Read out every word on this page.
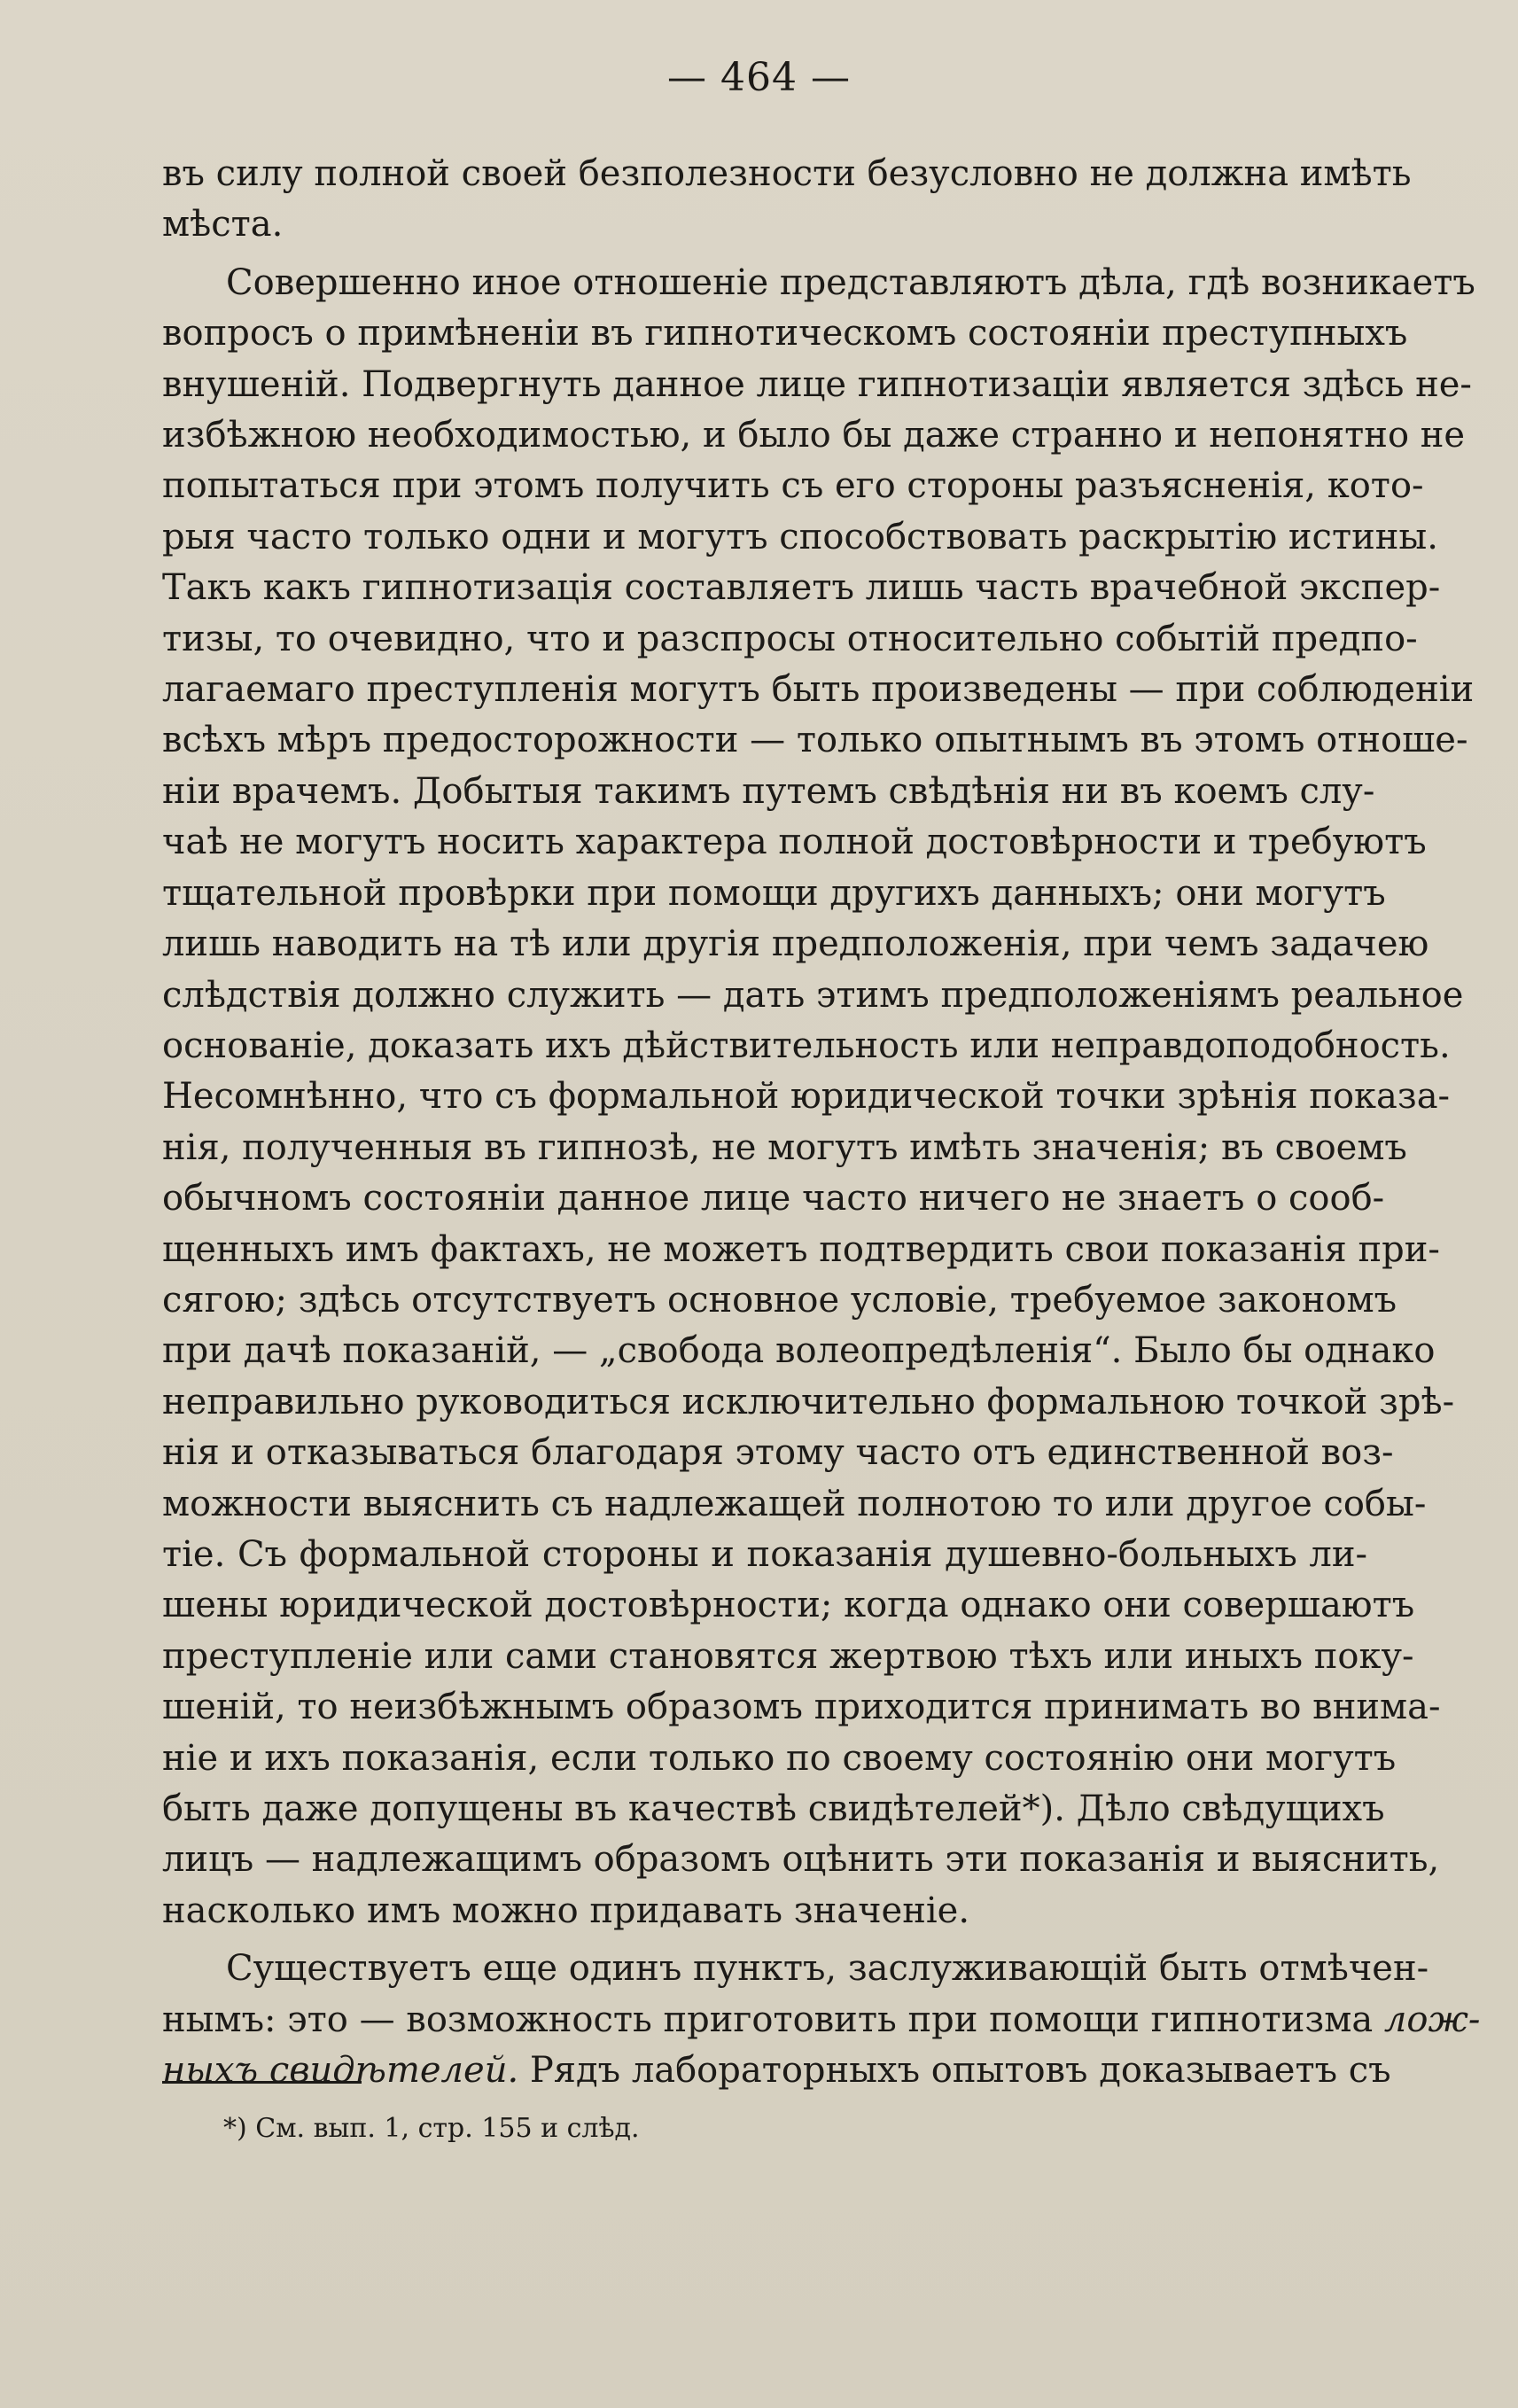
— 464 —

въ силу полной своей безполезности безусловно не должна имѣть
мѣста.

Совершенно иное отношеніе представляютъ дѣла, гдѣ возникаетъ
вопросъ о примѣненіи въ гипнотическомъ состояніи преступныхъ
внушеній. Подвергнуть данное лице гипнотизаціи является здѣсь не-
избѣжною необходимостью, и было бы даже странно и непонятно не
попытаться при этомъ получить съ его стороны разъясненія, кото-
рыя часто только одни и могутъ способствовать раскрытію истины.
Такъ какъ гипнотизація составляетъ лишь часть врачебной экспер-
тизы, то очевидно, что и разспросы относительно событій предпо-
лагаемаго преступленія могутъ быть произведены — при соблюденіи
всѣхъ мѣръ предосторожности — только опытнымъ въ этомъ отноше-
ніи врачемъ. Добытыя такимъ путемъ свѣдѣнія ни въ коемъ слу-
чаѣ не могутъ носить характера полной достовѣрности и требуютъ
тщательной провѣрки при помощи другихъ данныхъ; они могутъ
лишь наводить на тѣ или другія предположенія, при чемъ задачею
слѣдствія должно служить — дать этимъ предположеніямъ реальное
основаніе, доказать ихъ дѣйствительность или неправдоподобность.
Несомнѣнно, что съ формальной юридической точки зрѣнія показа-
нія, полученныя въ гипнозѣ, не могутъ имѣть значенія; въ своемъ
обычномъ состояніи данное лице часто ничего не знаетъ о сооб-
щенныхъ имъ фактахъ, не можетъ подтвердить свои показанія при-
сягою; здѣсь отсутствуетъ основное условіе, требуемое закономъ
при дачѣ показаній, — „свобода волеопредѣленія“. Было бы однако
неправильно руководиться исключительно формальною точкой зрѣ-
нія и отказываться благодаря этому часто отъ единственной воз-
можности выяснить съ надлежащей полнотою то или другое собы-
тіе. Съ формальной стороны и показанія душевно-больныхъ ли-
шены юридической достовѣрности; когда однако они совершаютъ
преступленіе или сами становятся жертвою тѣхъ или иныхъ поку-
шеній, то неизбѣжнымъ образомъ приходится принимать во внима-
ніе и ихъ показанія, если только по своему состоянію они могутъ
быть даже допущены въ качествѣ свидѣтелей*). Дѣло свѣдущихъ
лицъ — надлежащимъ образомъ оцѣнить эти показанія и выяснить,
насколько имъ можно придавать значеніе.

Существуетъ еще одинъ пунктъ, заслуживающій быть отмѣчен-
нымъ: это — возможность приготовить при помощи гипнотизма лож-
ныхъ свидѣтелей. Рядъ лабораторныхъ опытовъ доказываетъ съ

*) См. вып. 1, стр. 155 и слѣд.
